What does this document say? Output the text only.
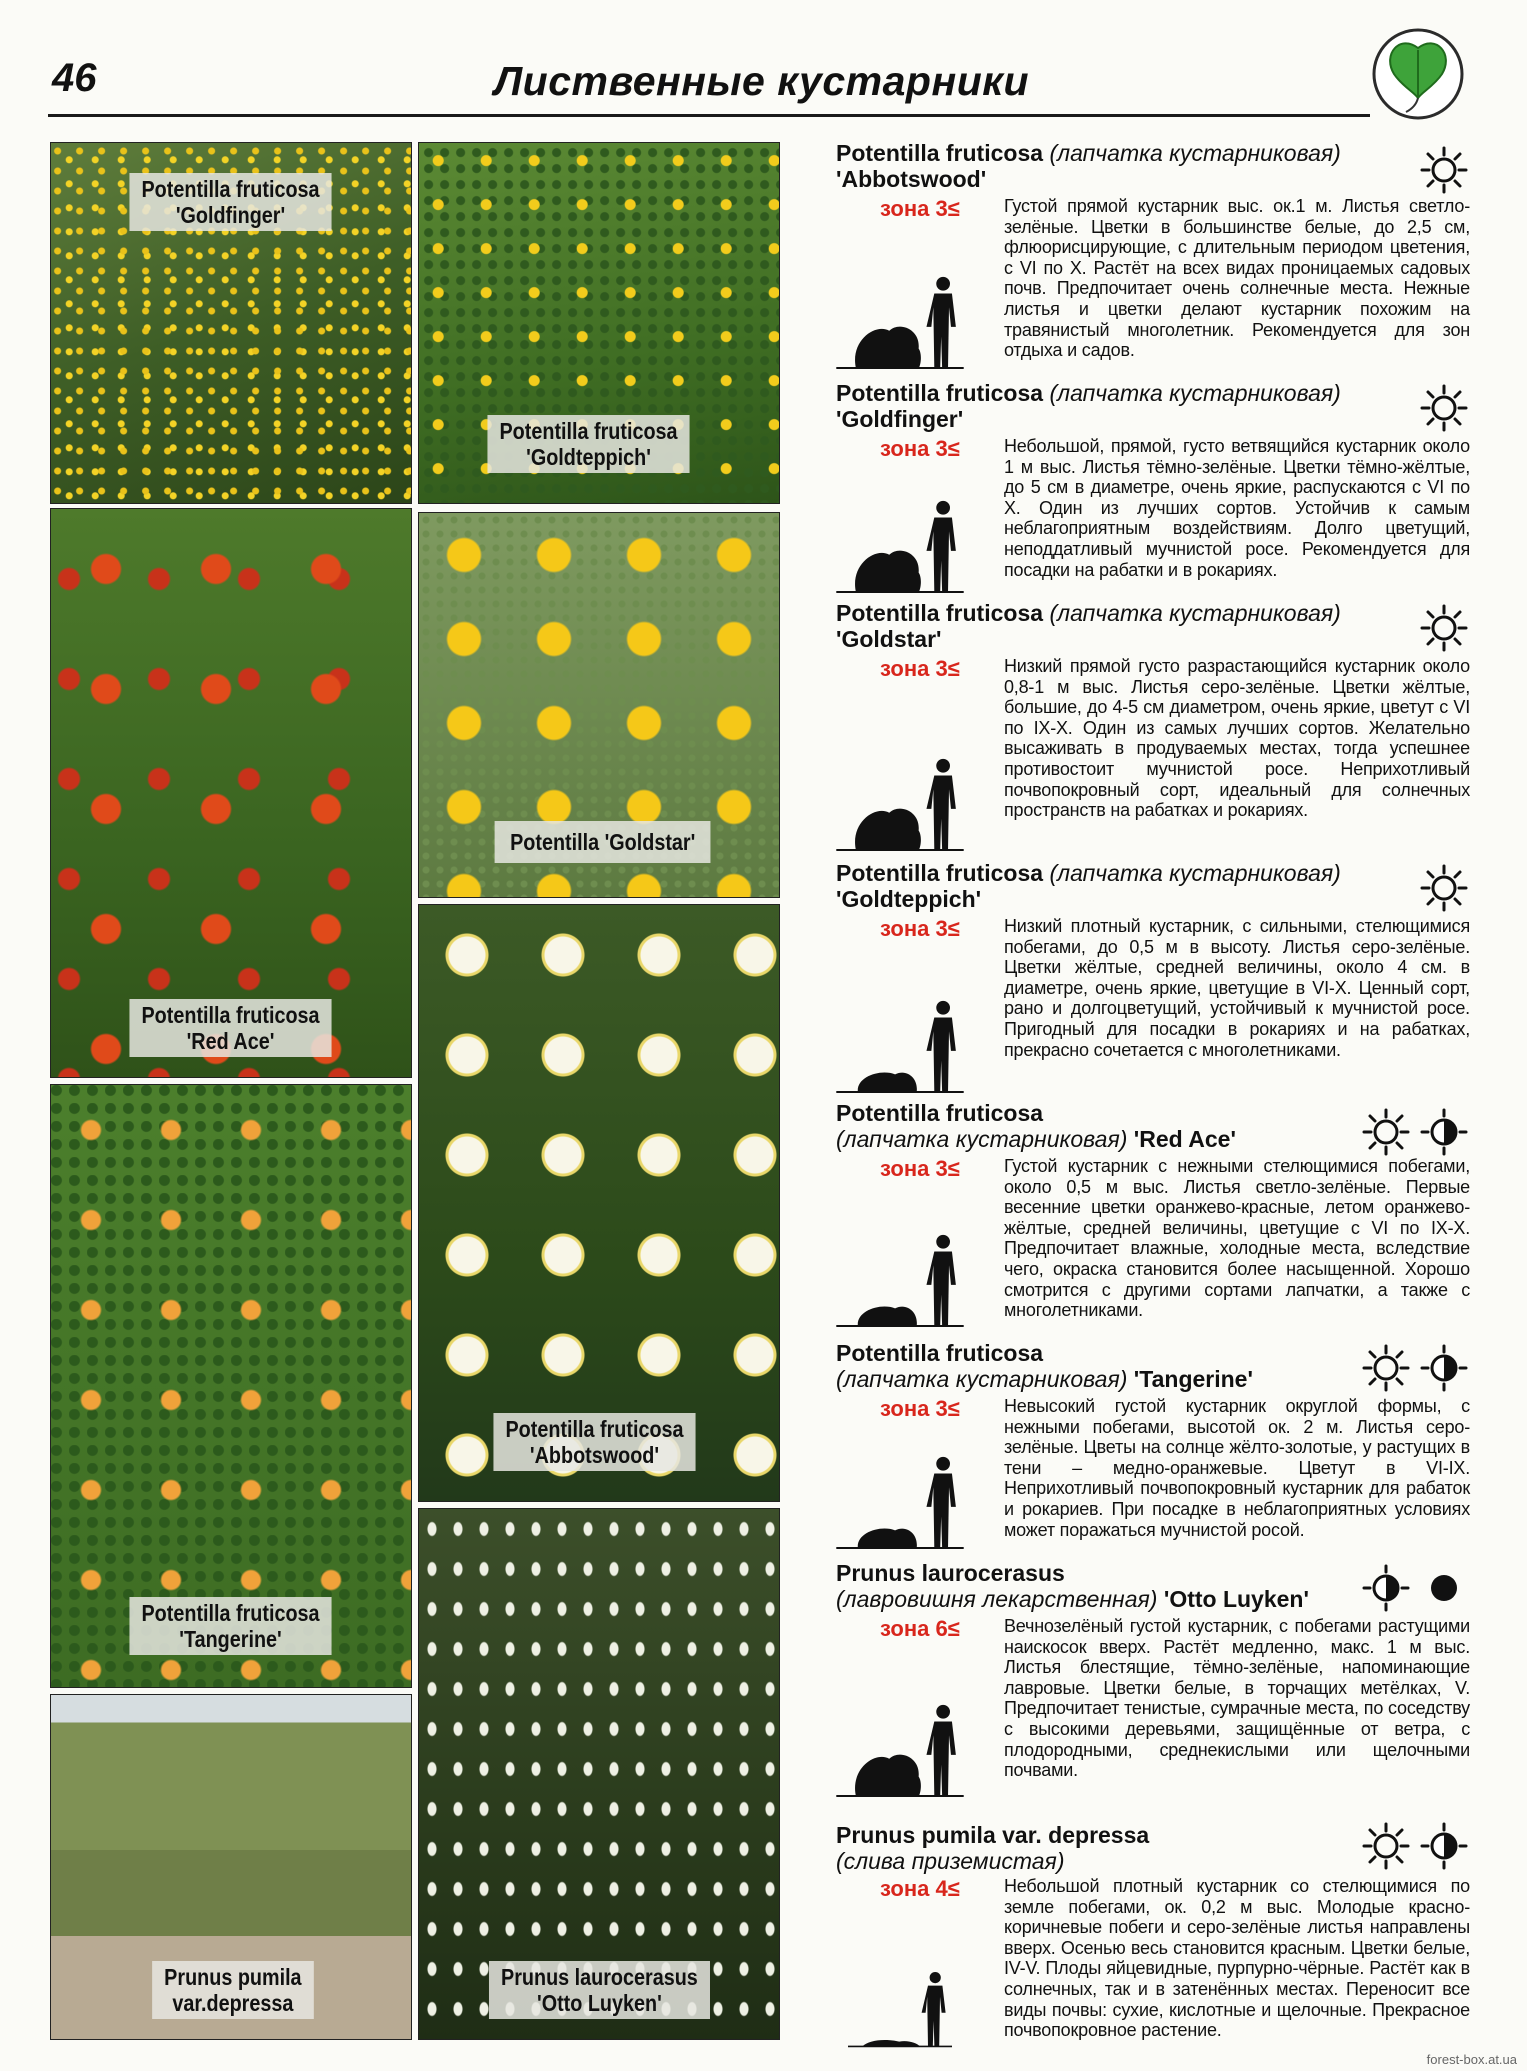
46	Лиственные кустарники
Potentilla fruticosa
'Goldfinger'
Potentilla fruticosa
'Goldteppich'
Potentilla fruticosa
'Red Ace'
Potentilla 'Goldstar'
Potentilla fruticosa
'Abbotswood'
Potentilla fruticosa
'Tangerine'
Prunus pumila
var.depressa
Prunus laurocerasus
'Otto Luyken'
Potentilla fruticosa (лапчатка кустарниковая)
'Abbotswood'
зона 3≤ Густой прямой кустарник выс. ок.1 м. Листья светло-зелёные. Цветки в большинстве белые, до 2,5 см, флюорисцирующие, с длительным периодом цветения, с VI по X. Растёт на всех видах проницаемых садовых почв. Предпочитает очень солнечные места. Нежные листья и цветки делают кустарник похожим на травянистый многолетник. Рекомендуется для зон отдыха и садов.
Potentilla fruticosa (лапчатка кустарниковая)
'Goldfinger'
зона 3≤ Небольшой, прямой, густо ветвящийся кустарник около 1 м выс. Листья тёмно-зелёные. Цветки тёмно-жёлтые, до 5 см в диаметре, очень яркие, распускаются с VI по X. Один из лучших сортов. Устойчив к самым неблагоприятным воздействиям. Долго цветущий, неподдатливый мучнистой росе. Рекомендуется для посадки на рабатки и в рокариях.
Potentilla fruticosa (лапчатка кустарниковая)
'Goldstar'
зона 3≤ Низкий прямой густо разрастающийся кустарник около 0,8-1 м выс. Листья серо-зелёные. Цветки жёлтые, большие, до 4-5 см диаметром, очень яркие, цветут с VI по IX-X. Один из самых лучших сортов. Желательно высаживать в продуваемых местах, тогда успешнее противостоит мучнистой росе. Неприхотливый почвопокровный сорт, идеальный для солнечных пространств на рабатках и рокариях.
Potentilla fruticosa (лапчатка кустарниковая)
'Goldteppich'
зона 3≤ Низкий плотный кустарник, с сильными, стелющимися побегами, до 0,5 м в высоту. Листья серо-зелёные. Цветки жёлтые, средней величины, около 4 см. в диаметре, очень яркие, цветущие в VI-X. Ценный сорт, рано и долгоцветущий, устойчивый к мучнистой росе. Пригодный для посадки в рокариях и на рабатках, прекрасно сочетается с многолетниками.
Potentilla fruticosa
(лапчатка кустарниковая) 'Red Ace'
зона 3≤ Густой кустарник с нежными стелющимися побегами, около 0,5 м выс. Листья светло-зелёные. Первые весенние цветки оранжево-красные, летом оранжево-жёлтые, средней величины, цветущие с VI по IX-X. Предпочитает влажные, холодные места, вследствие чего, окраска становится более насыщенной. Хорошо смотрится с другими сортами лапчатки, а также с многолетниками.
Potentilla fruticosa
(лапчатка кустарниковая) 'Tangerine'
зона 3≤ Невысокий густой кустарник округлой формы, с нежными побегами, высотой ок. 2 м. Листья серо-зелёные. Цветы на солнце жёлто-золотые, у растущих в тени – медно-оранжевые. Цветут в VI-IX. Неприхотливый почвопокровный кустарник для рабаток и рокариев. При посадке в неблагоприятных условиях может поражаться мучнистой росой.
Prunus laurocerasus
(лавровишня лекарственная) 'Otto Luyken'
зона 6≤ Вечнозелёный густой кустарник, с побегами растущими наискосок вверх. Растёт медленно, макс. 1 м выс. Листья блестящие, тёмно-зелёные, напоминающие лавровые. Цветки белые, в торчащих метёлках, V. Предпочитает тенистые, сумрачные места, по соседству с высокими деревьями, защищённые от ветра, с плодородными, среднекислыми или щелочными почвами.
Prunus pumila var. depressa
(слива приземистая)
зона 4≤ Небольшой плотный кустарник со стелющимися по земле побегами, ок. 0,2 м выс. Молодые красно-коричневые побеги и серо-зелёные листья направлены вверх. Осенью весь становится красным. Цветки белые, IV-V. Плоды яйцевидные, пурпурно-чёрные. Растёт как в солнечных, так и в затенённых местах. Переносит все виды почвы: сухие, кислотные и щелочные. Прекрасное почвопокровное растение.
forest-box.at.ua
